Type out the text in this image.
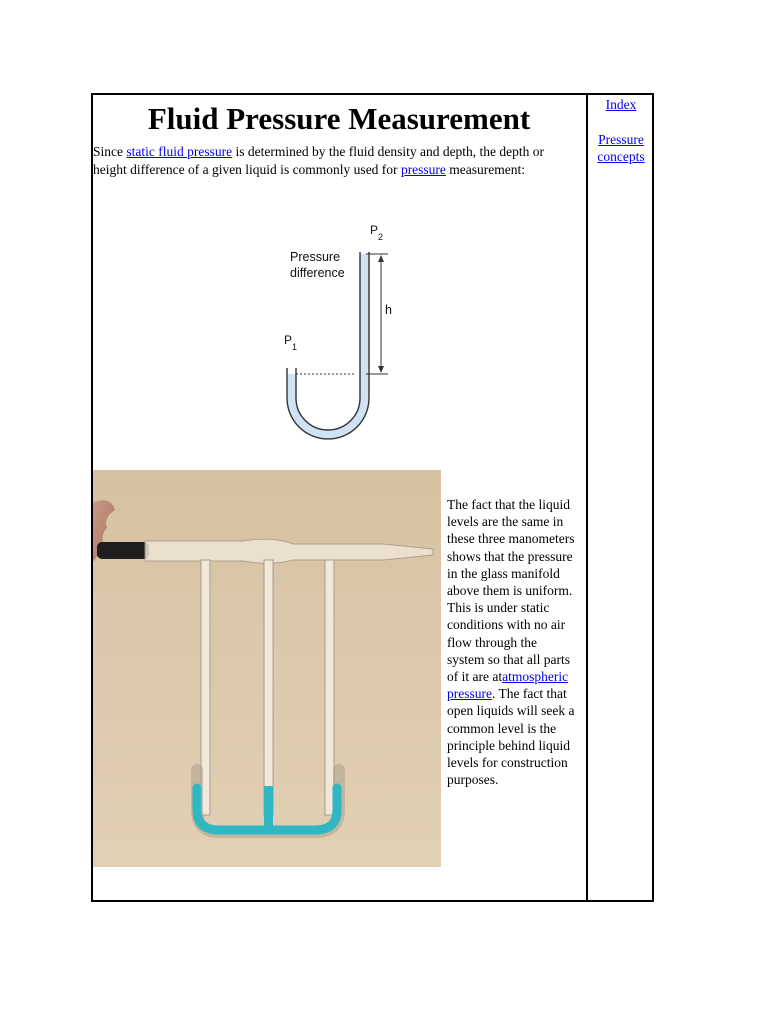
Fluid Pressure Measurement

Since static fluid pressure is determined by the fluid density and depth, the depth or height difference of a given liquid is commonly used for pressure measurement:

Index
Pressure
concepts
$P_2$
$P_1$
Pressure
difference
h

The fact that the liquid levels are the same in these three manometers shows that the pressure in the glass manifold above them is uniform. This is under static conditions with no air flow through the system so that all parts of it are atatmospheric pressure. The fact that open liquids will seek a common level is the principle behind liquid levels for construction purposes.
